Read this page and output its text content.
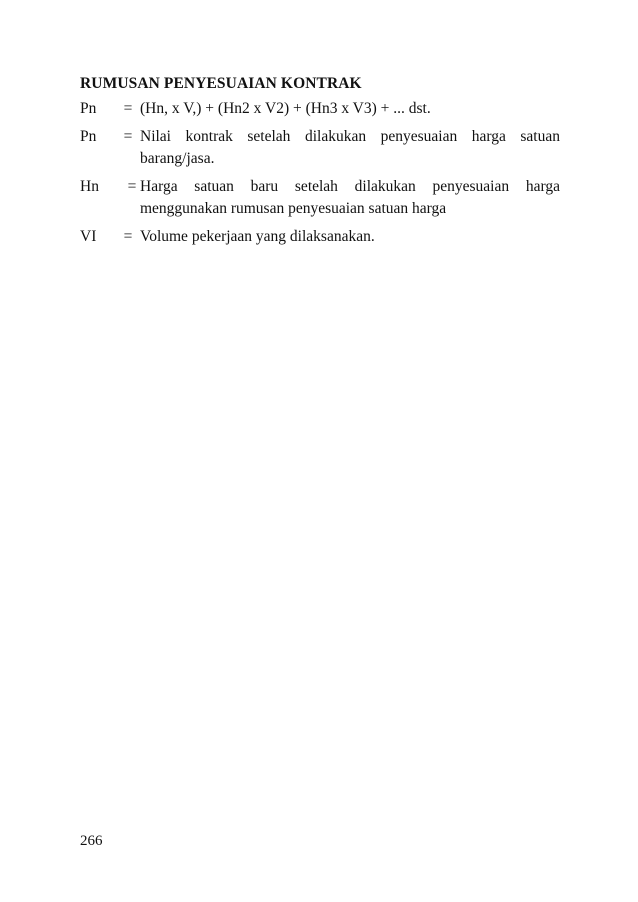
RUMUSAN PENYESUAIAN KONTRAK
Pn	= (Hn, x V,) + (Hn2 x V2) + (Hn3 x V3) + ... dst.
Pn	= Nilai kontrak setelah dilakukan penyesuaian harga satuan barang/jasa.
Hn	= Harga satuan baru setelah dilakukan penyesuaian harga menggunakan rumusan penyesuaian satuan harga
VI	= Volume pekerjaan yang dilaksanakan.
266
